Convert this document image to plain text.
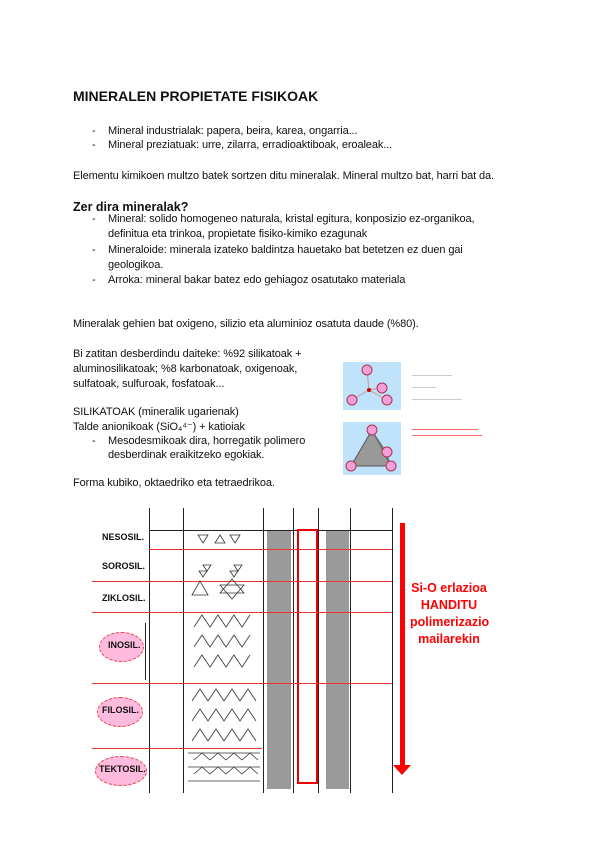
MINERALEN PROPIETATE FISIKOAK
- Mineral industrialak: papera, beira, karea, ongarria...
- Mineral preziatuak: urre, zilarra, erradioaktiboak, eroaleak...
Elementu kimikoen multzo batek sortzen ditu mineralak. Mineral multzo bat, harri bat da.
Zer dira mineralak?
- Mineral: solido homogeneo naturala, kristal egitura, konposizio ez-organikoa,
definitua eta trinkoa, propietate fisiko-kimiko ezagunak
- Mineraloide: minerala izateko baldintza hauetako bat betetzen ez duen gai
geologikoa.
- Arroka: mineral bakar batez edo gehiagoz osatutako materiala
Mineralak gehien bat oxigeno, silizio eta aluminioz osatuta daude (%80).
Bi zatitan desberdindu daiteke: %92 silikatoak +
aluminosilikatoak; %8 karbonatoak, oxigenoak,
sulfatoak, sulfuroak, fosfatoak...
SILIKATOAK (mineralik ugarienak)
Talde anionikoak (SiO₄⁴⁻) + katioiak
- Mesodesmikoak dira, horregatik polimero
desberdinak eraikitzeko egokiak.
Forma kubiko, oktaedriko eta tetraedrikoa.
NESOSIL.
SOROSIL.
ZIKLOSIL.
INOSIL.
FILOSIL.
TEKTOSIL.
Si-O erlazioa
HANDITU
polimerizazio
mailarekin
